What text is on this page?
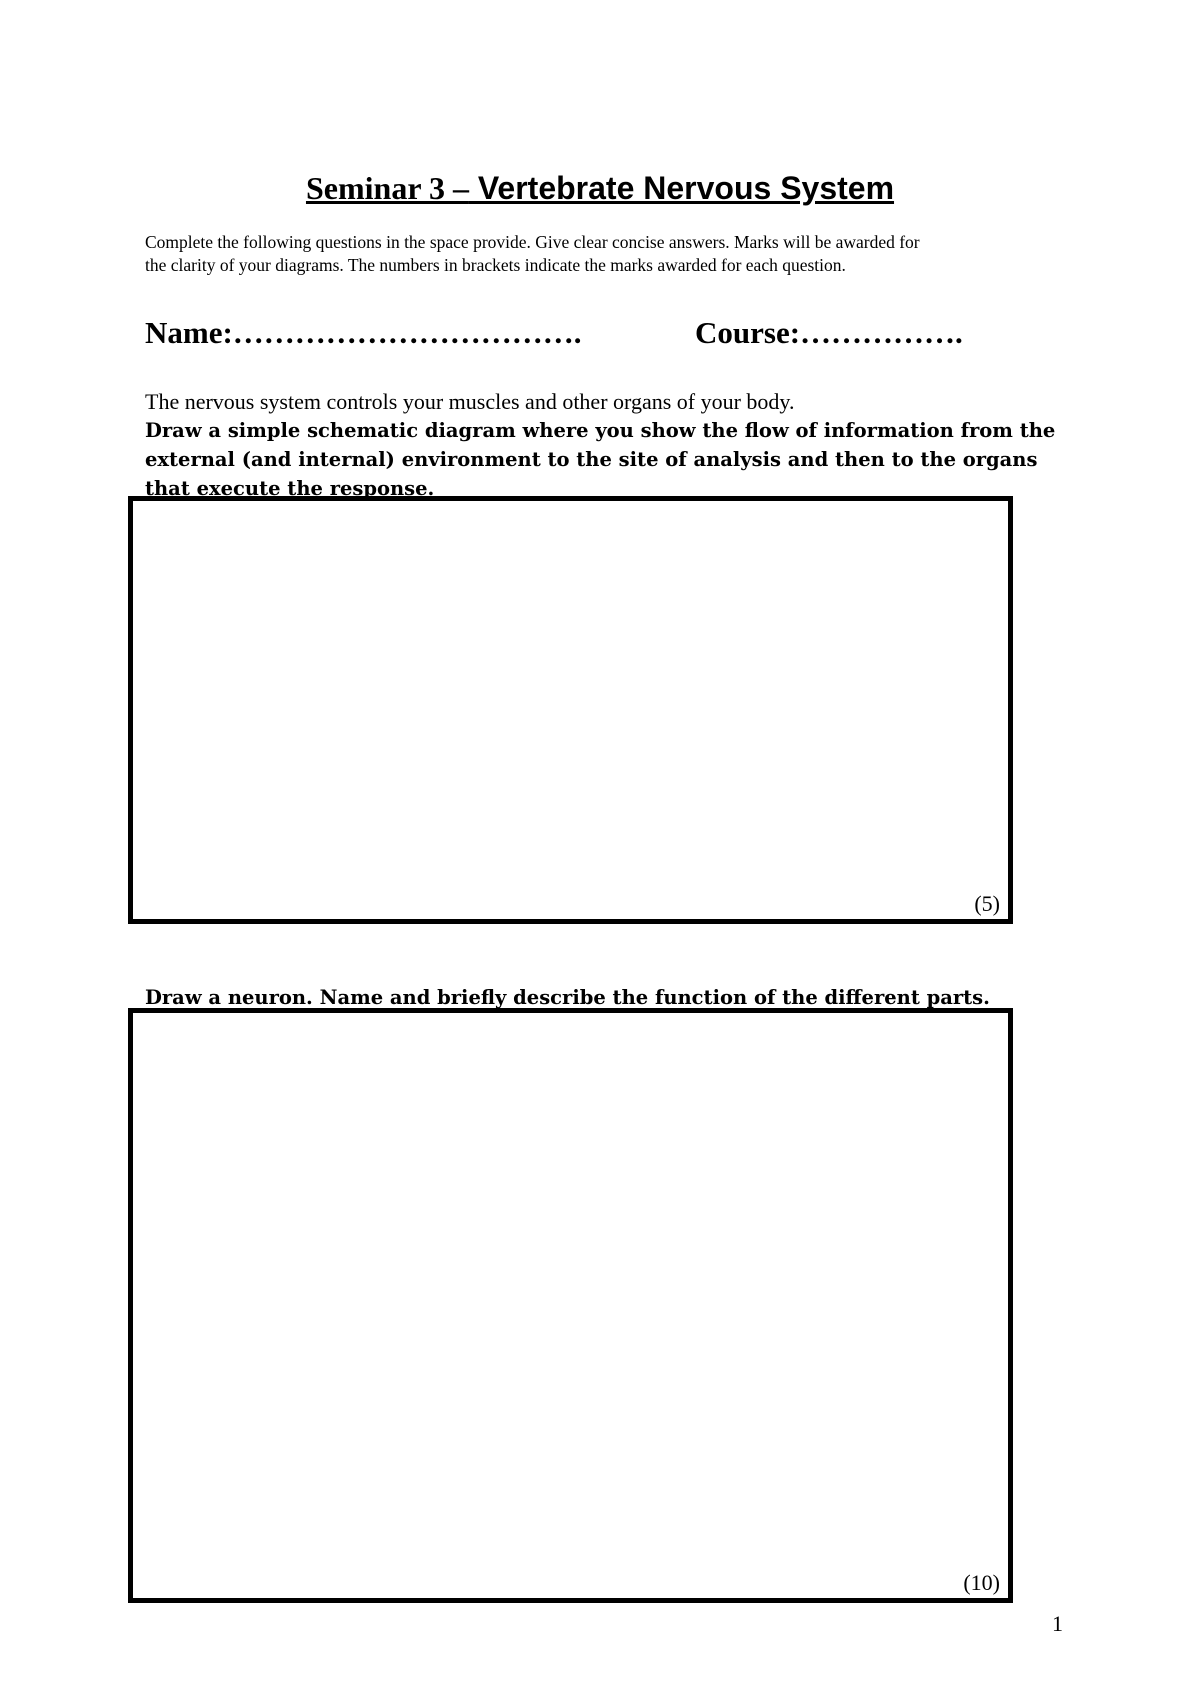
Seminar 3 – Vertebrate Nervous System
Complete the following questions in the space provide. Give clear concise answers. Marks will be awarded for
the clarity of your diagrams. The numbers in brackets indicate the marks awarded for each question.
Name:…………………………….	Course:…………….
The nervous system controls your muscles and other organs of your body.
Draw a simple schematic diagram where you show the flow of information from the external (and internal) environment to the site of analysis and then to the organs that execute the response.
(5)
Draw a neuron. Name and briefly describe the function of the different parts.
(10)
1
